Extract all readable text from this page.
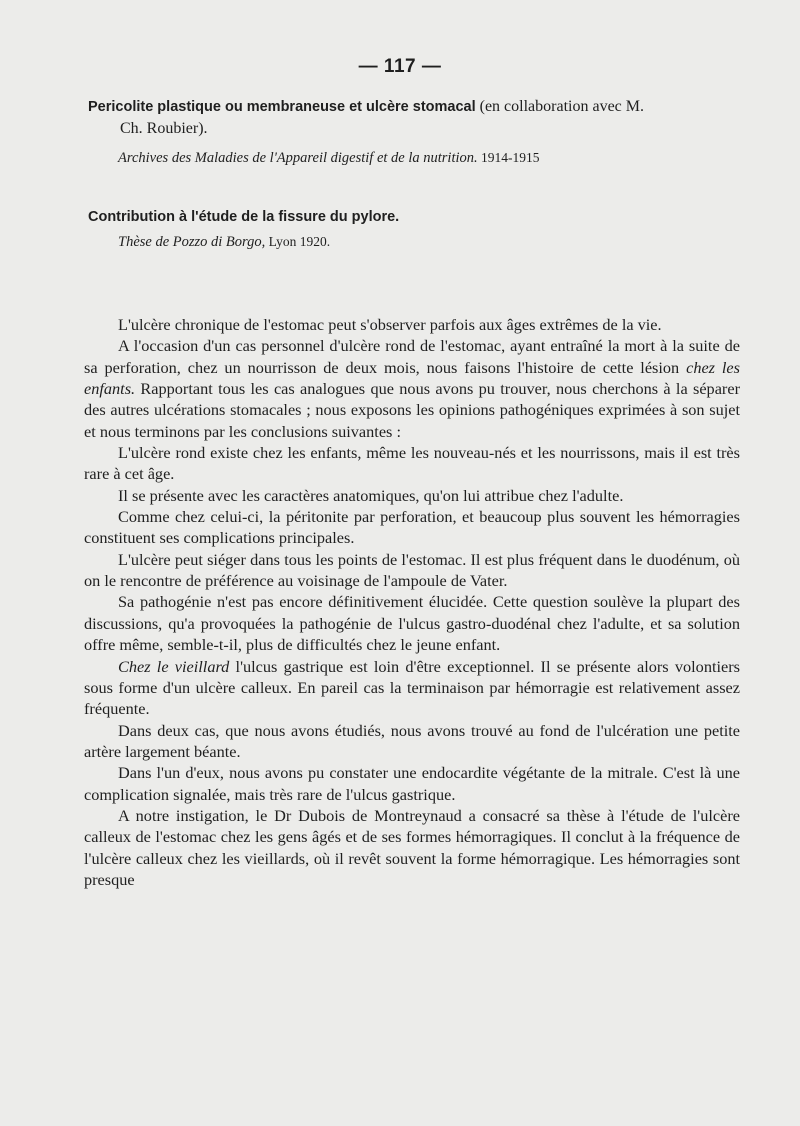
— 117 —

Pericolite plastique ou membraneuse et ulcère stomacal (en collaboration avec M.
Ch. Roubier).

Archives des Maladies de l'Appareil digestif et de la nutrition. 1914-1915

Contribution à l'étude de la fissure du pylore.

Thèse de Pozzo di Borgo, Lyon 1920.

L'ulcère chronique de l'estomac peut s'observer parfois aux âges extrêmes de la vie.

A l'occasion d'un cas personnel d'ulcère rond de l'estomac, ayant entraîné la mort à la suite de sa perforation, chez un nourrisson de deux mois, nous faisons l'histoire de cette lésion chez les enfants. Rapportant tous les cas analogues que nous avons pu trouver, nous cherchons à la séparer des autres ulcérations stomacales ; nous exposons les opinions pathogéniques exprimées à son sujet et nous terminons par les conclusions suivantes :

L'ulcère rond existe chez les enfants, même les nouveau-nés et les nourrissons, mais il est très rare à cet âge.

Il se présente avec les caractères anatomiques, qu'on lui attribue chez l'adulte.

Comme chez celui-ci, la péritonite par perforation, et beaucoup plus souvent les hémorragies constituent ses complications principales.

L'ulcère peut siéger dans tous les points de l'estomac. Il est plus fréquent dans le duodénum, où on le rencontre de préférence au voisinage de l'ampoule de Vater.

Sa pathogénie n'est pas encore définitivement élucidée. Cette question soulève la plupart des discussions, qu'a provoquées la pathogénie de l'ulcus gastro-duodénal chez l'adulte, et sa solution offre même, semble-t-il, plus de difficultés chez le jeune enfant.

Chez le vieillard l'ulcus gastrique est loin d'être exceptionnel. Il se présente alors volontiers sous forme d'un ulcère calleux. En pareil cas la terminaison par hémorragie est relativement assez fréquente.

Dans deux cas, que nous avons étudiés, nous avons trouvé au fond de l'ulcération une petite artère largement béante.

Dans l'un d'eux, nous avons pu constater une endocardite végétante de la mitrale. C'est là une complication signalée, mais très rare de l'ulcus gastrique.

A notre instigation, le Dr Dubois de Montreynaud a consacré sa thèse à l'étude de l'ulcère calleux de l'estomac chez les gens âgés et de ses formes hémorragiques. Il conclut à la fréquence de l'ulcère calleux chez les vieillards, où il revêt souvent la forme hémorragique. Les hémorragies sont presque
